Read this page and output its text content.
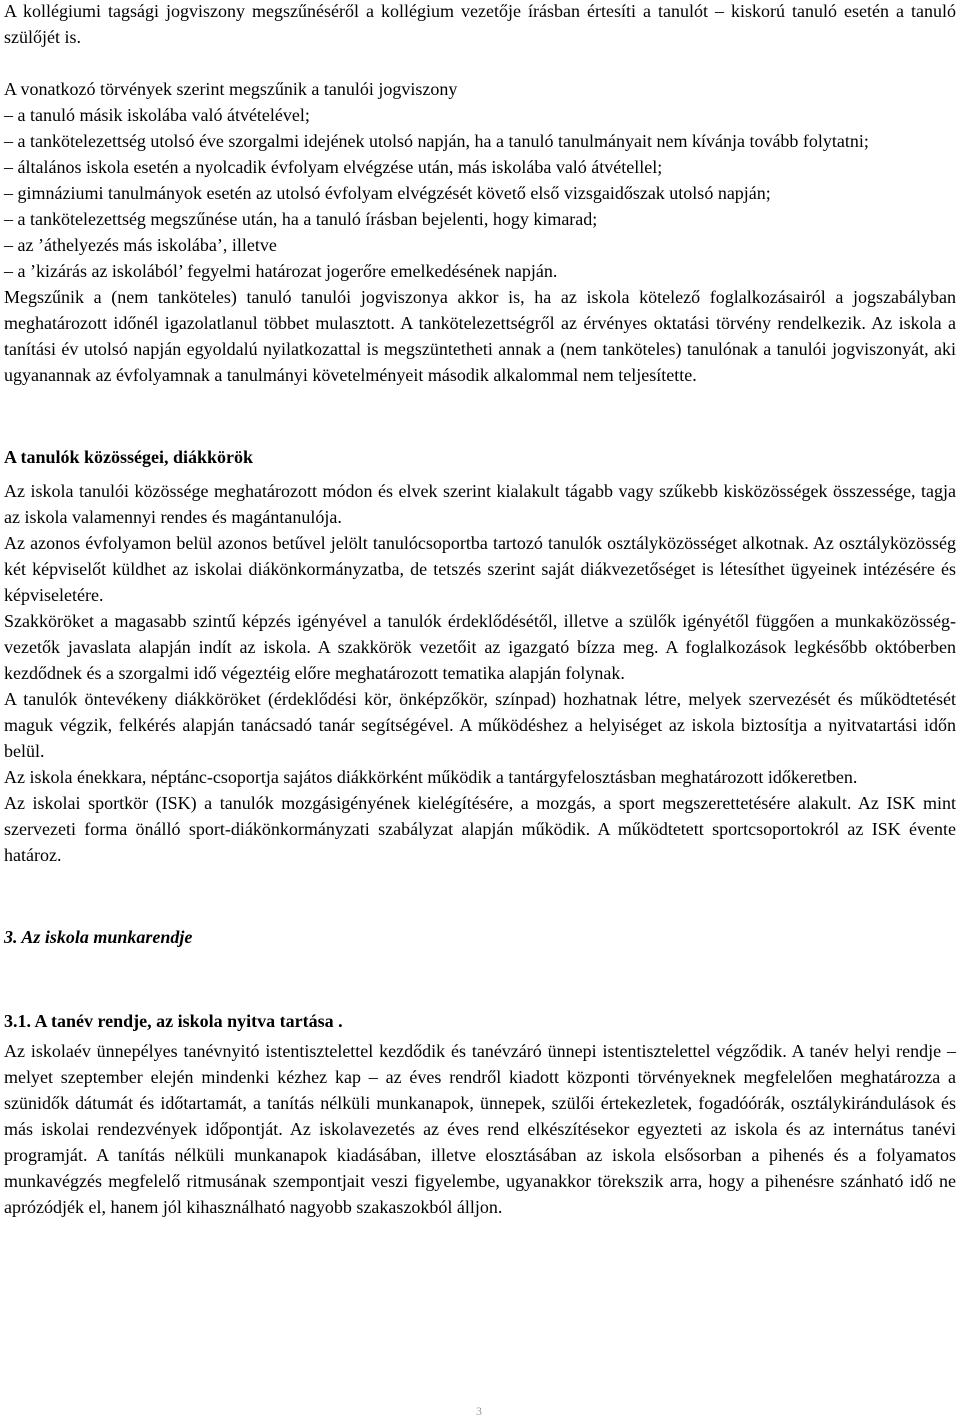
A kollégiumi tagsági jogviszony megszűnéséről a kollégium vezetője írásban értesíti a tanulót – kiskorú tanuló esetén a tanuló szülőjét is.

A vonatkozó törvények szerint megszűnik a tanulói jogviszony

– a tanuló másik iskolába való átvételével;

– a tankötelezettség utolsó éve szorgalmi idejének utolsó napján, ha a tanuló tanulmányait nem kívánja tovább folytatni;

– általános iskola esetén a nyolcadik évfolyam elvégzése után, más iskolába való átvétellel;

– gimnáziumi tanulmányok esetén az utolsó évfolyam elvégzését követő első vizsgaidőszak utolsó napján;

– a tankötelezettség megszűnése után, ha a tanuló írásban bejelenti, hogy kimarad;

– az ’áthelyezés más iskolába’, illetve

– a ’kizárás az iskolából’ fegyelmi határozat jogerőre emelkedésének napján.

Megszűnik a (nem tanköteles) tanuló tanulói jogviszonya akkor is, ha az iskola kötelező foglalkozásairól a jogszabályban meghatározott időnél igazolatlanul többet mulasztott. A tankötelezettségről az érvényes oktatási törvény rendelkezik. Az iskola a tanítási év utolsó napján egyoldalú nyilatkozattal is megszüntetheti annak a (nem tanköteles) tanulónak a tanulói jogviszonyát, aki ugyanannak az évfolyamnak a tanulmányi követelményeit második alkalommal nem teljesítette.

A tanulók közösségei, diákkörök

Az iskola tanulói közössége meghatározott módon és elvek szerint kialakult tágabb vagy szűkebb kisközösségek összessége, tagja az iskola valamennyi rendes és magántanulója.

Az azonos évfolyamon belül azonos betűvel jelölt tanulócsoportba tartozó tanulók osztályközösséget alkotnak. Az osztályközösség két képviselőt küldhet az iskolai diákönkormányzatba, de tetszés szerint saját diákvezetőséget is létesíthet ügyeinek intézésére és képviseletére.

Szakköröket a magasabb szintű képzés igényével a tanulók érdeklődésétől, illetve a szülők igényétől függően a munkaközösség-vezetők javaslata alapján indít az iskola. A szakkörök vezetőit az igazgató bízza meg. A foglalkozások legkésőbb októberben kezdődnek és a szorgalmi idő végeztéig előre meghatározott tematika alapján folynak.

A tanulók öntevékeny diákköröket (érdeklődési kör, önképzőkör, színpad) hozhatnak létre, melyek szervezését és működtetését maguk végzik, felkérés alapján tanácsadó tanár segítségével. A működéshez a helyiséget az iskola biztosítja a nyitvatartási időn belül.

Az iskola énekkara, néptánc-csoportja sajátos diákkörként működik a tantárgyfelosztásban meghatározott időkeretben.

Az iskolai sportkör (ISK) a tanulók mozgásigényének kielégítésére, a mozgás, a sport megszerettetésére alakult. Az ISK mint szervezeti forma önálló sport-diákönkormányzati szabályzat alapján működik. A működtetett sportcsoportokról az ISK évente határoz.

3. Az iskola munkarendje
3.1. A tanév rendje, az iskola nyitva tartása .

Az iskolaév ünnepélyes tanévnyitó istentisztelettel kezdődik és tanévzáró ünnepi istentisztelettel végződik. A tanév helyi rendje – melyet szeptember elején mindenki kézhez kap – az éves rendről kiadott központi törvényeknek megfelelően meghatározza a szünidők dátumát és időtartamát, a tanítás nélküli munkanapok, ünnepek, szülői értekezletek, fogadóórák, osztálykirándulások és más iskolai rendezvények időpontját. Az iskolavezetés az éves rend elkészítésekor egyezteti az iskola és az internátus tanévi programját. A tanítás nélküli munkanapok kiadásában, illetve elosztásában az iskola elsősorban a pihenés és a folyamatos munkavégzés megfelelő ritmusának szempontjait veszi figyelembe, ugyanakkor törekszik arra, hogy a pihenésre szánható idő ne aprózódjék el, hanem jól kihasználható nagyobb szakaszokból álljon.

3
